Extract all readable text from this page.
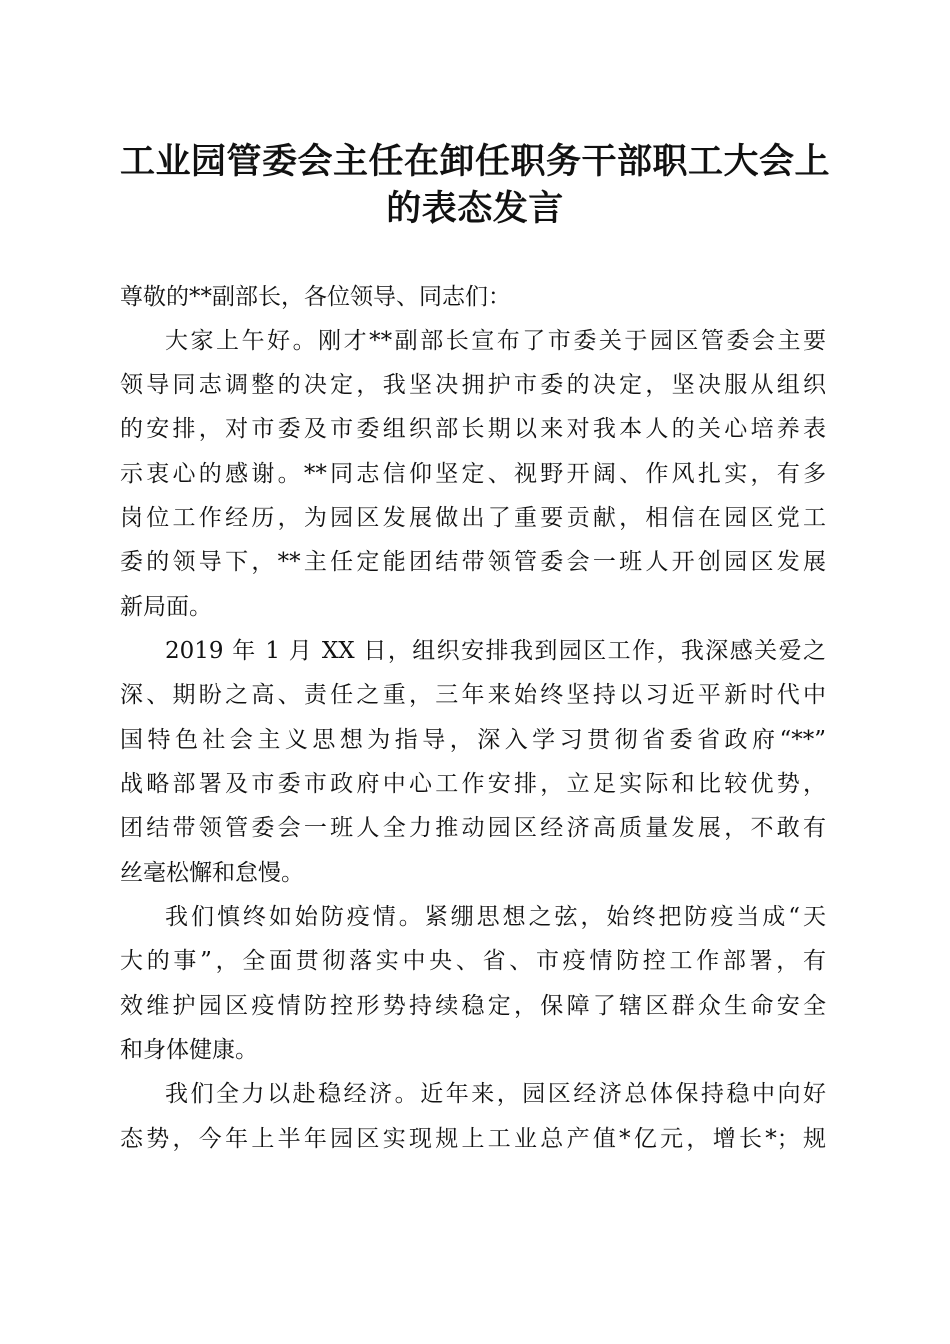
工业园管委会主任在卸任职务干部职工大会上
的表态发言

尊敬的**副部长，各位领导、同志们：

大家上午好。刚才**副部长宣布了市委关于园区管委会主要

领导同志调整的决定，我坚决拥护市委的决定，坚决服从组织

的安排，对市委及市委组织部长期以来对我本人的关心培养表

示衷心的感谢。**同志信仰坚定、视野开阔、作风扎实，有多

岗位工作经历，为园区发展做出了重要贡献，相信在园区党工

委的领导下，**主任定能团结带领管委会一班人开创园区发展

新局面。

2019 年 1 月 XX 日，组织安排我到园区工作，我深感关爱之

深、期盼之高、责任之重，三年来始终坚持以习近平新时代中

国特色社会主义思想为指导，深入学习贯彻省委省政府“**”

战略部署及市委市政府中心工作安排，立足实际和比较优势，

团结带领管委会一班人全力推动园区经济高质量发展，不敢有

丝毫松懈和怠慢。

我们慎终如始防疫情。紧绷思想之弦，始终把防疫当成“天

大的事”，全面贯彻落实中央、省、市疫情防控工作部署，有

效维护园区疫情防控形势持续稳定，保障了辖区群众生命安全

和身体健康。

我们全力以赴稳经济。近年来，园区经济总体保持稳中向好

态势，今年上半年园区实现规上工业总产值*亿元，增长*；规
